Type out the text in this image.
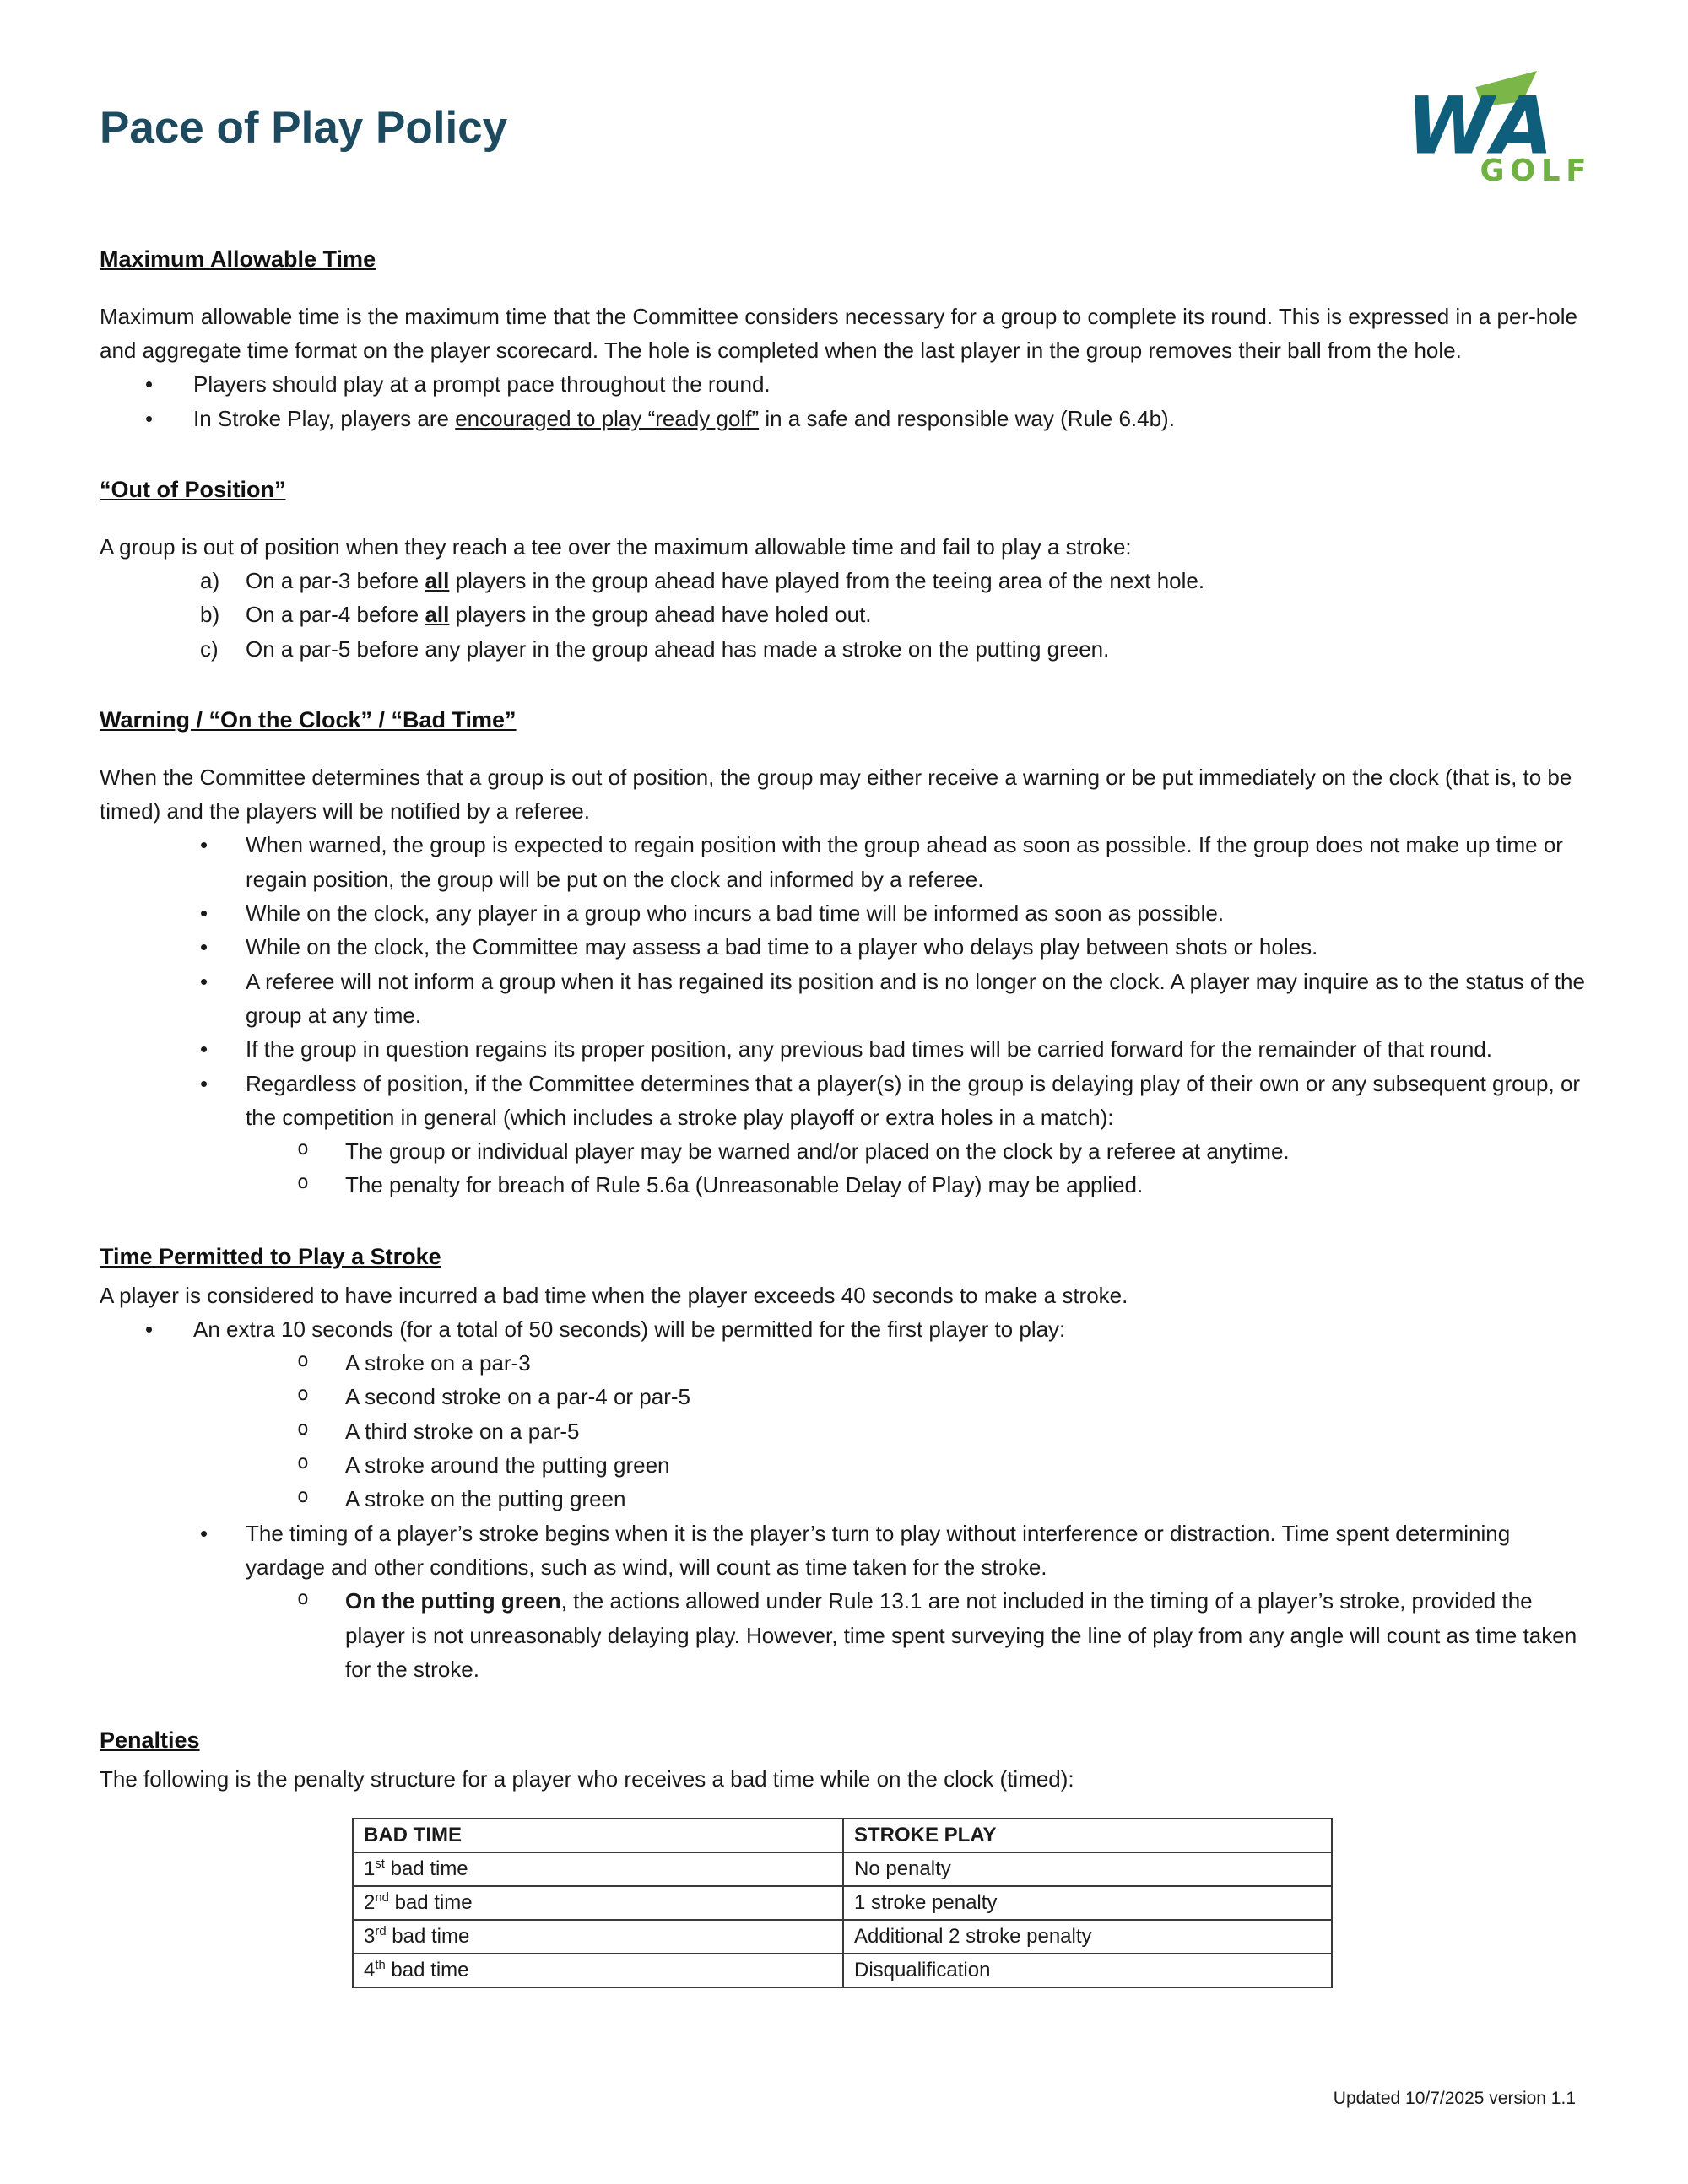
W
A
GOLF
Pace of Play Policy
Maximum Allowable Time

Maximum allowable time is the maximum time that the Committee considers necessary for a group to complete its round. This is expressed in a per-hole and aggregate time format on the player scorecard. The hole is completed when the last player in the group removes their ball from the hole.

•	Players should play at a prompt pace throughout the round.
•	In Stroke Play, players are encouraged to play “ready golf” in a safe and responsible way (Rule 6.4b).
“Out of Position”

A group is out of position when they reach a tee over the maximum allowable time and fail to play a stroke:

a)	On a par-3 before all players in the group ahead have played from the teeing area of the next hole.
b)	On a par-4 before all players in the group ahead have holed out.
c)	On a par-5 before any player in the group ahead has made a stroke on the putting green.
Warning / “On the Clock” / “Bad Time”

When the Committee determines that a group is out of position, the group may either receive a warning or be put immediately on the clock (that is, to be timed) and the players will be notified by a referee.

•	When warned, the group is expected to regain position with the group ahead as soon as possible. If the group does not make up time or regain position, the group will be put on the clock and informed by a referee.
•	While on the clock, any player in a group who incurs a bad time will be informed as soon as possible.
•	While on the clock, the Committee may assess a bad time to a player who delays play between shots or holes.
•	A referee will not inform a group when it has regained its position and is no longer on the clock. A player may inquire as to the status of the group at any time.
•	If the group in question regains its proper position, any previous bad times will be carried forward for the remainder of that round.
•	Regardless of position, if the Committee determines that a player(s) in the group is delaying play of their own or any subsequent group, or the competition in general (which includes a stroke play playoff or extra holes in a match):
o	The group or individual player may be warned and/or placed on the clock by a referee at anytime.
o	The penalty for breach of Rule 5.6a (Unreasonable Delay of Play) may be applied.
Time Permitted to Play a Stroke

A player is considered to have incurred a bad time when the player exceeds 40 seconds to make a stroke.

•	An extra 10 seconds (for a total of 50 seconds) will be permitted for the first player to play:
o	A stroke on a par-3
o	A second stroke on a par-4 or par-5
o	A third stroke on a par-5
o	A stroke around the putting green
o	A stroke on the putting green
•	The timing of a player’s stroke begins when it is the player’s turn to play without interference or distraction. Time spent determining yardage and other conditions, such as wind, will count as time taken for the stroke.
o	On the putting green, the actions allowed under Rule 13.1 are not included in the timing of a player’s stroke, provided the player is not unreasonably delaying play. However, time spent surveying the line of play from any angle will count as time taken for the stroke.
Penalties

The following is the penalty structure for a player who receives a bad time while on the clock (timed):

BAD TIME	STROKE PLAY
1st bad time	No penalty
2nd bad time	1 stroke penalty
3rd bad time	Additional 2 stroke penalty
4th bad time	Disqualification
Updated 10/7/2025 version 1.1
